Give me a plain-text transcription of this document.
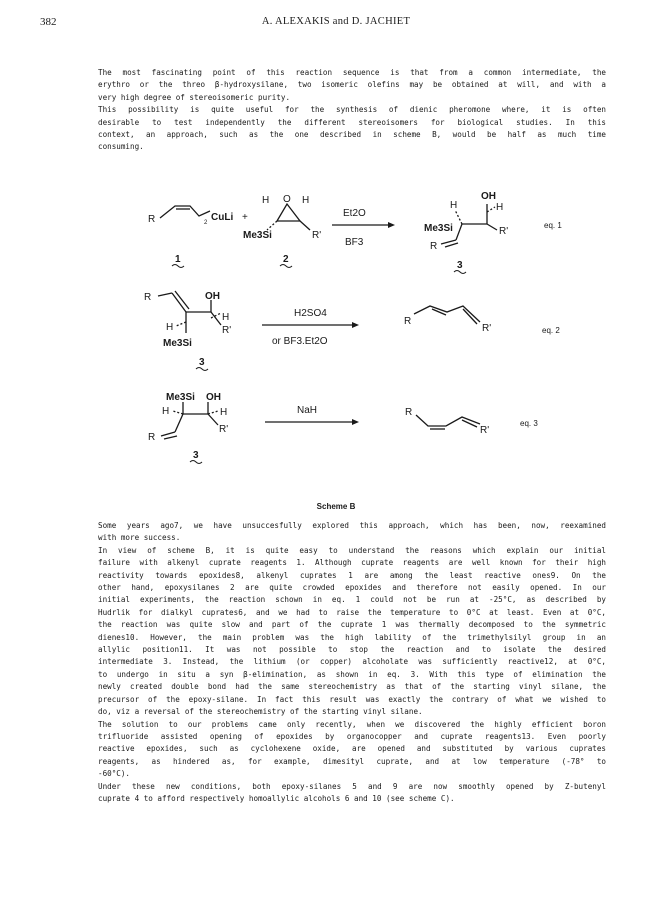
382	A. ALEXAKIS and D. JACHIET
The most fascinating point of this reaction sequence is that from a common intermediate, the
erythro or the threo β-hydroxysilane, two isomeric olefins may be obtained at will, and with a
very high degree of stereoisomeric purity.
This possibility is quite useful for the synthesis of dienic pheromone where, it is often
desirable to test independently the different stereoisomers for biological studies. In this
context, an approach, such as the one described in scheme B, would be half as much time
consuming.
R	CuLi
2	+
1
H O H
Me3Si	R'
2
Et2O
BF3
H
OH
H
Me3Si	R'
R
3
eq. 1
R	OH
H
H	R'
Me3Si
3
H2SO4
or BF3.Et2O
R
R'	eq. 2
Me3Si OH
H	H
R'
R
3
NaH	R
R'
eq. 3
Scheme B
Some years ago7, we have unsuccesfully explored this approach, which has been, now, reexamined
with more success.
In view of scheme B, it is quite easy to understand the reasons which explain our initial
failure with alkenyl cuprate reagents 1. Although cuprate reagents are well known for their high
reactivity towards epoxides8, alkenyl cuprates 1 are among the least reactive ones9. On the
other hand, epoxysilanes 2 are quite crowded epoxides and therefore not easily opened. In our
initial experiments, the reaction schown in eq. 1 could not be run at -25°C, as described by
Hudrlik for dialkyl cuprates6, and we had to raise the temperature to 0°C at least. Even at 0°C,
the reaction was quite slow and part of the cuprate 1 was thermally decomposed to the symmetric
dienes10. However, the main problem was the high lability of the trimethylsilyl group in an
allylic position11. It was not possible to stop the reaction and to isolate the desired
intermediate 3. Instead, the lithium (or copper) alcoholate was sufficiently reactive12, at 0°C,
to undergo in situ a syn β-elimination, as shown in eq. 3. With this type of elimination the
newly created double bond had the same stereochemistry as that of the starting vinyl silane, the
precursor of the epoxy-silane. In fact this result was exactly the contrary of what we wished to
do, viz a reversal of the stereochemistry of the starting vinyl silane.
The solution to our problems came only recently, when we discovered the highly efficient boron
trifluoride assisted opening of epoxides by organocopper and cuprate reagents13. Even poorly
reactive epoxides, such as cyclohexene oxide, are opened and substituted by various cuprates
reagents, as hindered as, for example, dimesityl cuprate, and at low temperature (-78° to
-60°C).
Under these new conditions, both epoxy-silanes 5 and 9 are now smoothly opened by Z-butenyl
cuprate 4 to afford respectively homoallylic alcohols 6 and 10 (see scheme C).
